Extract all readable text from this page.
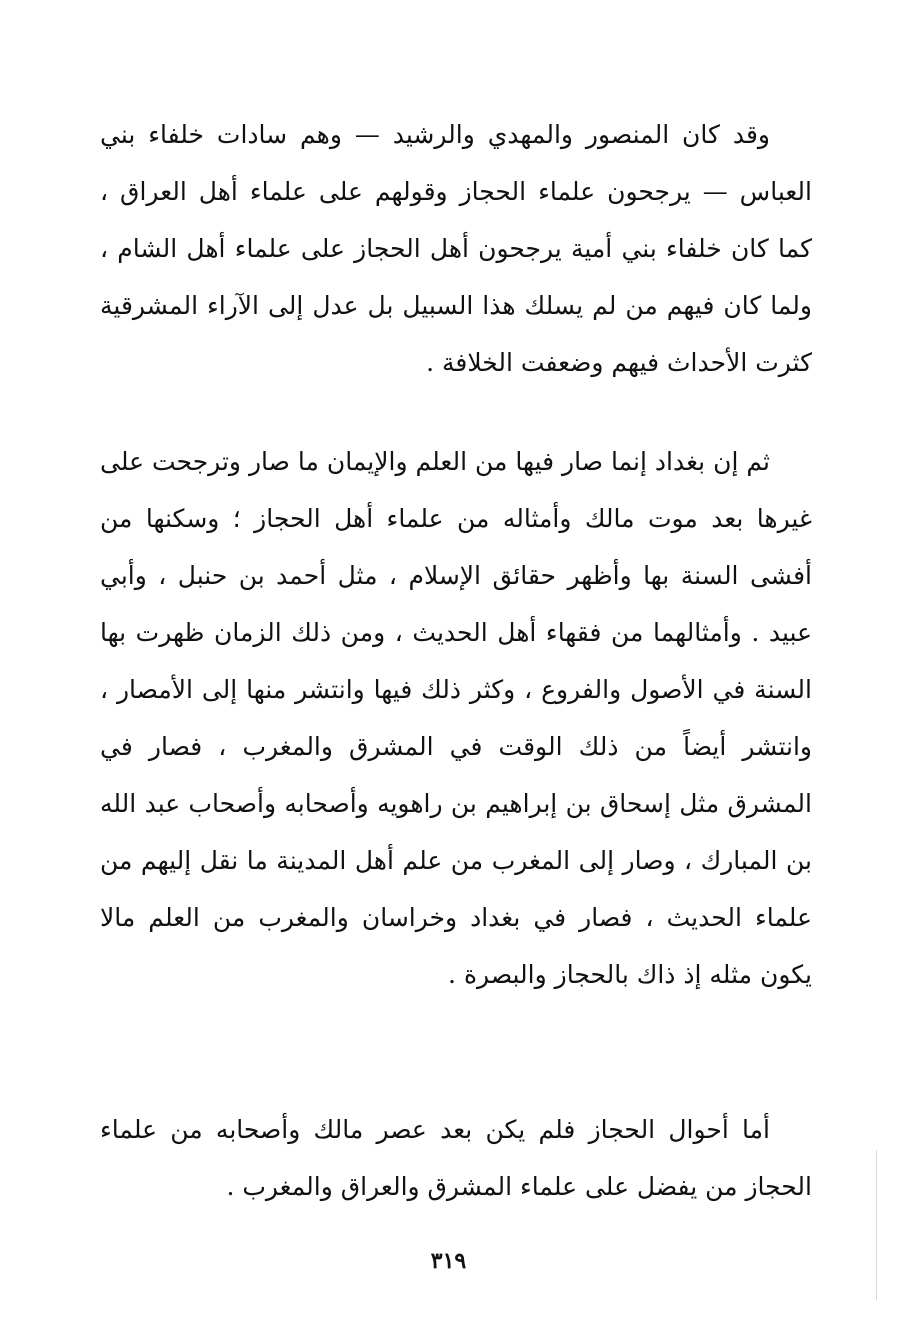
وقد كان المنصور والمهدي والرشيد — وهم سادات خلفاء بني العباس — يرجحون علماء الحجاز وقولهم على علماء أهل العراق ، كما كان خلفاء بني أمية يرجحون أهل الحجاز على علماء أهل الشام ، ولما كان فيهم من لم يسلك هذا السبيل بل عدل إلى الآراء المشرقية كثرت الأحداث فيهم وضعفت الخلافة .

ثم إن بغداد إنما صار فيها من العلم والإيمان ما صار وترجحت على غيرها بعد موت مالك وأمثاله من علماء أهل الحجاز ؛ وسكنها من أفشى السنة بها وأظهر حقائق الإسلام ، مثل أحمد بن حنبل ، وأبي عبيد . وأمثالهما من فقهاء أهل الحديث ، ومن ذلك الزمان ظهرت بها السنة في الأصول والفروع ، وكثر ذلك فيها وانتشر منها إلى الأمصار ، وانتشر أيضاً من ذلك الوقت في المشرق والمغرب ، فصار في المشرق مثل إسحاق بن إبراهيم بن راهويه وأصحابه وأصحاب عبد الله بن المبارك ، وصار إلى المغرب من علم أهل المدينة ما نقل إليهم من علماء الحديث ، فصار في بغداد وخراسان والمغرب من العلم مالا يكون مثله إذ ذاك بالحجاز والبصرة .

أما أحوال الحجاز فلم يكن بعد عصر مالك وأصحابه من علماء الحجاز من يفضل على علماء المشرق والعراق والمغرب .

٣١٩
